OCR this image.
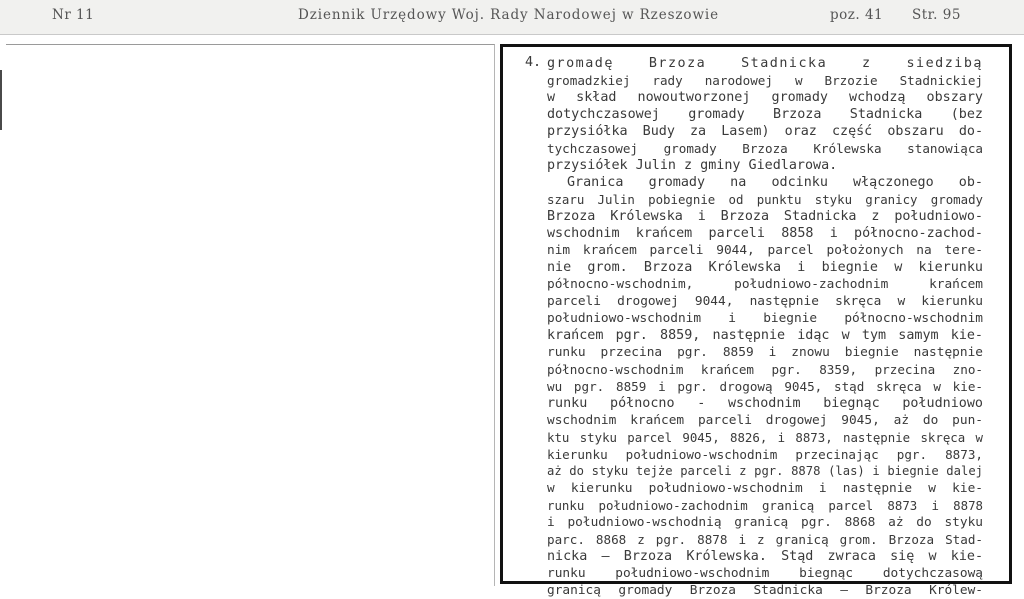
Nr 11	Dziennik Urzędowy Woj. Rady Narodowej w Rzeszowie	poz. 41 Str. 95
4. gromadę Brzoza Stadnicka z siedzibą
gromadzkiej rady narodowej w Brzozie Stadnickiej
w skład nowoutworzonej gromady wchodzą obszary
dotychczasowej gromady Brzoza Stadnicka (bez
przysiółka Budy za Lasem) oraz część obszaru do-
tychczasowej gromady Brzoza Królewska stanowiąca
przysiółek Julin z gminy Giedlarowa.
Granica gromady na odcinku włączonego ob-
szaru Julin pobiegnie od punktu styku granicy gromady
Brzoza Królewska i Brzoza Stadnicka z południowo-
wschodnim krańcem parceli 8858 i północno-zachod-
nim krańcem parceli 9044, parcel położonych na tere-
nie grom. Brzoza Królewska i biegnie w kierunku
północno-wschodnim, południowo-zachodnim krańcem
parceli drogowej 9044, następnie skręca w kierunku
południowo-wschodnim i biegnie północno-wschodnim
krańcem pgr. 8859, następnie idąc w tym samym kie-
runku przecina pgr. 8859 i znowu biegnie następnie
północno-wschodnim krańcem pgr. 8359, przecina zno-
wu pgr. 8859 i pgr. drogową 9045, stąd skręca w kie-
runku północno - wschodnim biegnąc południowo
wschodnim krańcem parceli drogowej 9045, aż do pun-
ktu styku parcel 9045, 8826, i 8873, następnie skręca w
kierunku południowo-wschodnim przecinając pgr. 8873,
aż do styku tejże parceli z pgr. 8878 (las) i biegnie dalej
w kierunku południowo-wschodnim i następnie w kie-
runku południowo-zachodnim granicą parcel 8873 i 8878
i południowo-wschodnią granicą pgr. 8868 aż do styku
parc. 8868 z pgr. 8878 i z granicą grom. Brzoza Stad-
nicka — Brzoza Królewska. Stąd zwraca się w kie-
runku południowo-wschodnim biegnąc dotychczasową
granicą gromady Brzoza Stadnicka — Brzoza Królew-
